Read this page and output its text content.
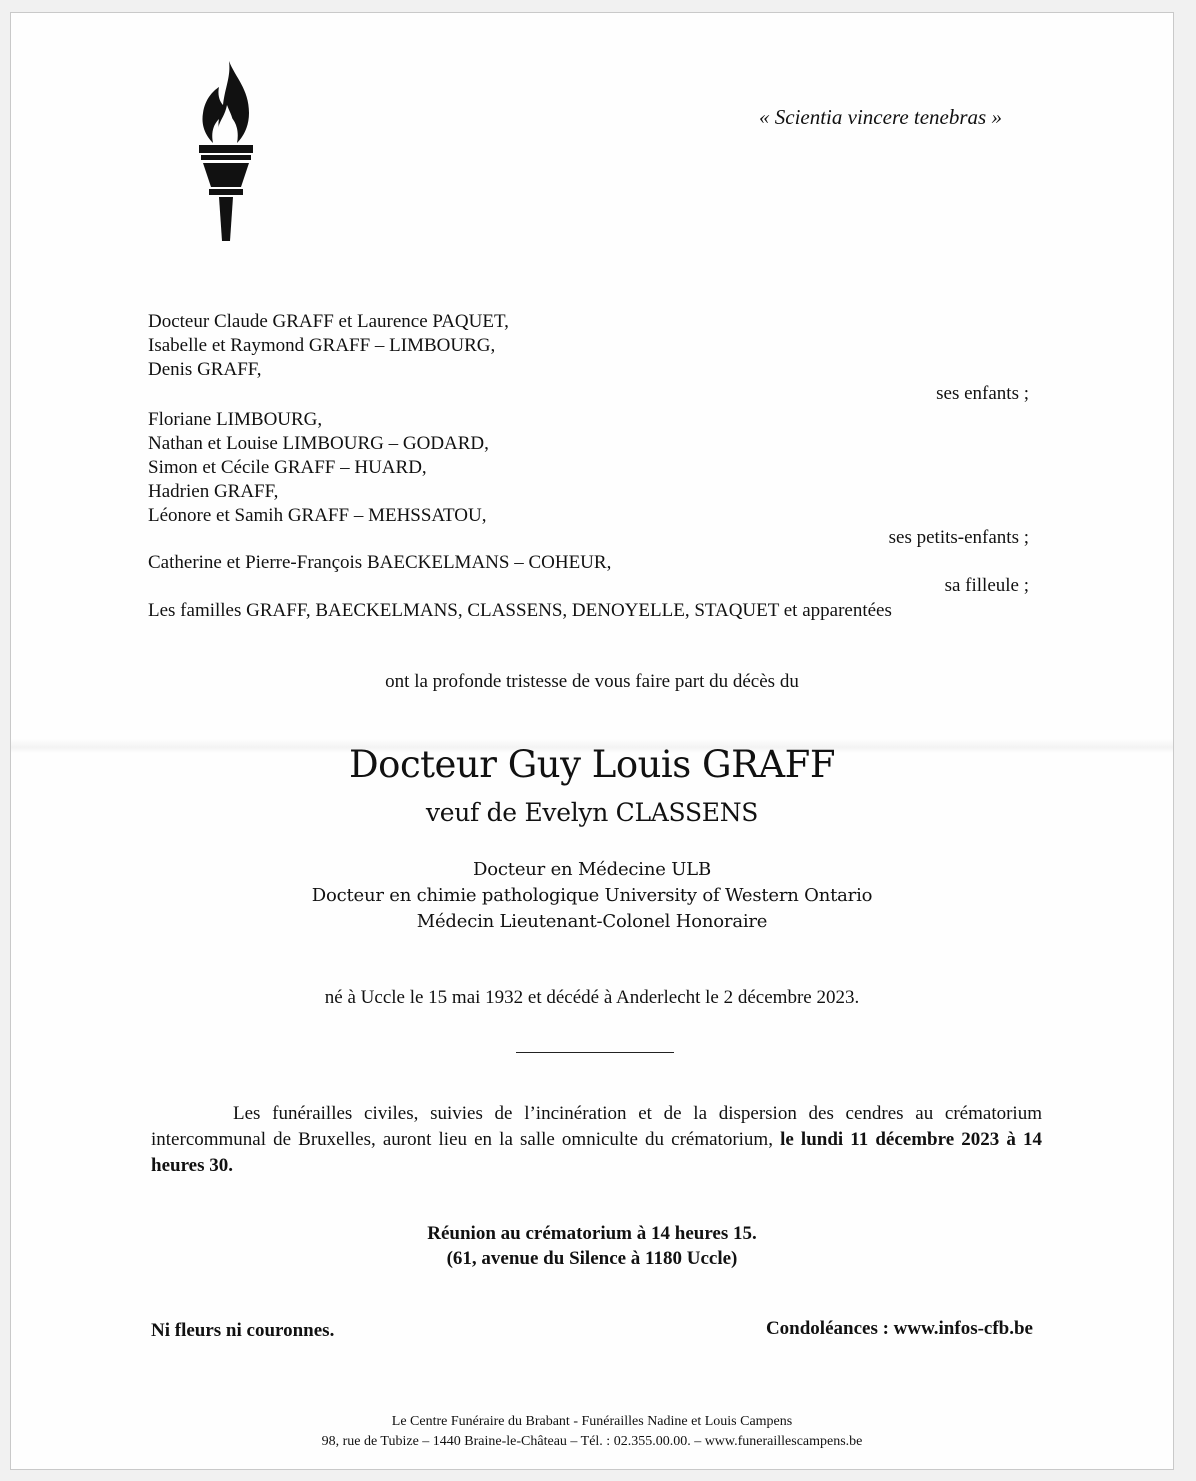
« Scientia vincere tenebras »
Docteur Claude GRAFF et Laurence PAQUET,
Isabelle et Raymond GRAFF – LIMBOURG,
Denis GRAFF,
ses enfants ;
Floriane LIMBOURG,
Nathan et Louise LIMBOURG – GODARD,
Simon et Cécile GRAFF – HUARD,
Hadrien GRAFF,
Léonore et Samih GRAFF – MEHSSATOU,
ses petits-enfants ;
Catherine et Pierre-François BAECKELMANS – COHEUR,
sa filleule ;
Les familles GRAFF, BAECKELMANS, CLASSENS, DENOYELLE, STAQUET et apparentées
ont la profonde tristesse de vous faire part du décès du
Docteur Guy Louis GRAFF
veuf de Evelyn CLASSENS
Docteur en Médecine ULB
Docteur en chimie pathologique University of Western Ontario
Médecin Lieutenant-Colonel Honoraire
né à Uccle le 15 mai 1932 et décédé à Anderlecht le 2 décembre 2023.
Les funérailles civiles, suivies de l’incinération et de la dispersion des cendres au crématorium intercommunal de Bruxelles, auront lieu en la salle omniculte du crématorium, le lundi 11 décembre 2023 à 14 heures 30.
Réunion au crématorium à 14 heures 15.
(61, avenue du Silence à 1180 Uccle)
Ni fleurs ni couronnes.	Condoléances : www.infos-cfb.be
Le Centre Funéraire du Brabant - Funérailles Nadine et Louis Campens
98, rue de Tubize – 1440 Braine-le-Château – Tél. : 02.355.00.00. – www.funeraillescampens.be
